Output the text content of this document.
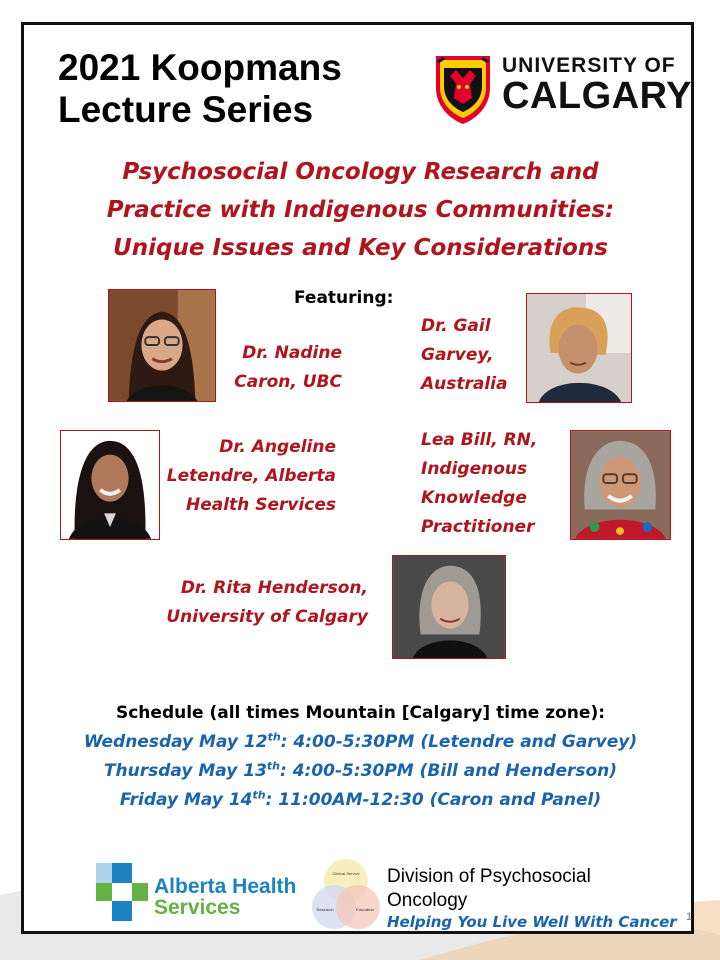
2021 Koopmans
Lecture Series
UNIVERSITY OF
CALGARY
Psychosocial Oncology Research and
Practice with Indigenous Communities:
Unique Issues and Key Considerations
Featuring:

Dr. Nadine
Caron, UBC

Dr. Gail
Garvey,
Australia

Dr. Angeline
Letendre, Alberta
Health Services

Lea Bill, RN,
Indigenous
Knowledge
Practitioner

Dr. Rita Henderson,
University of Calgary

Schedule (all times Mountain [Calgary] time zone):
Wednesday May 12th: 4:00-5:30PM (Letendre and Garvey)
Thursday May 13th: 4:00-5:30PM (Bill and Henderson)
Friday May 14th: 11:00AM-12:30 (Caron and Panel)
Alberta Health
Services
Clinical Service
Research	Education
Division of Psychosocial
Oncology
Helping You Live Well With Cancer 1
